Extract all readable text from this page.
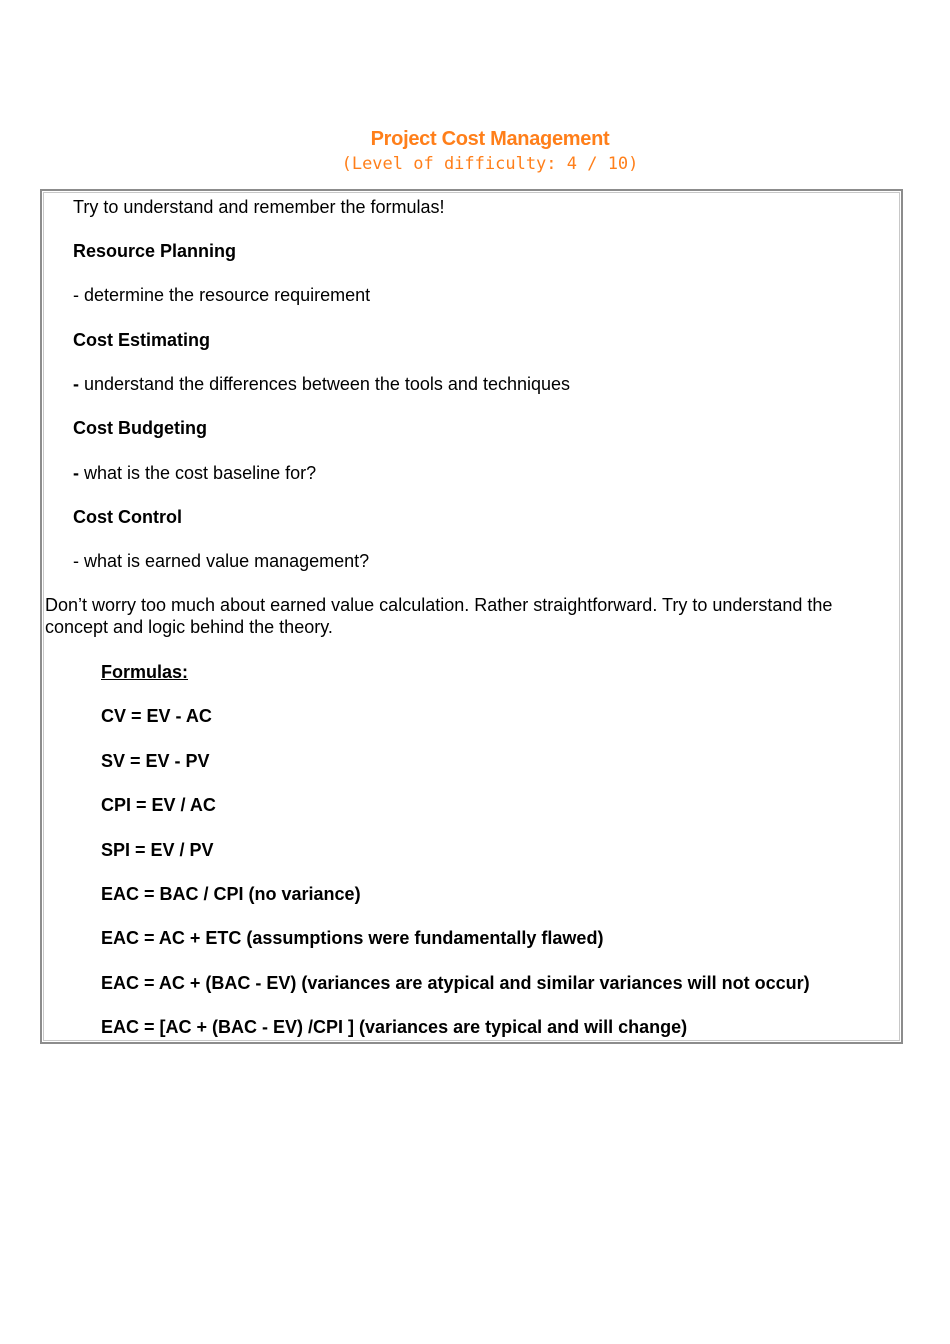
Project Cost Management
(Level of difficulty: 4 / 10)
Try to understand and remember the formulas!
Resource Planning
- determine the resource requirement
Cost Estimating
- understand the differences between the tools and techniques
Cost Budgeting
- what is the cost baseline for?
Cost Control
- what is earned value management?
Don’t worry too much about earned value calculation. Rather straightforward. Try to understand the concept and logic behind the theory.
Formulas:
CV = EV - AC
SV = EV - PV
CPI = EV / AC
SPI = EV / PV
EAC = BAC / CPI (no variance)
EAC = AC + ETC (assumptions were fundamentally flawed)
EAC = AC + (BAC - EV) (variances are atypical and similar variances will not occur)
EAC = [AC + (BAC - EV) /CPI ] (variances are typical and will change)
